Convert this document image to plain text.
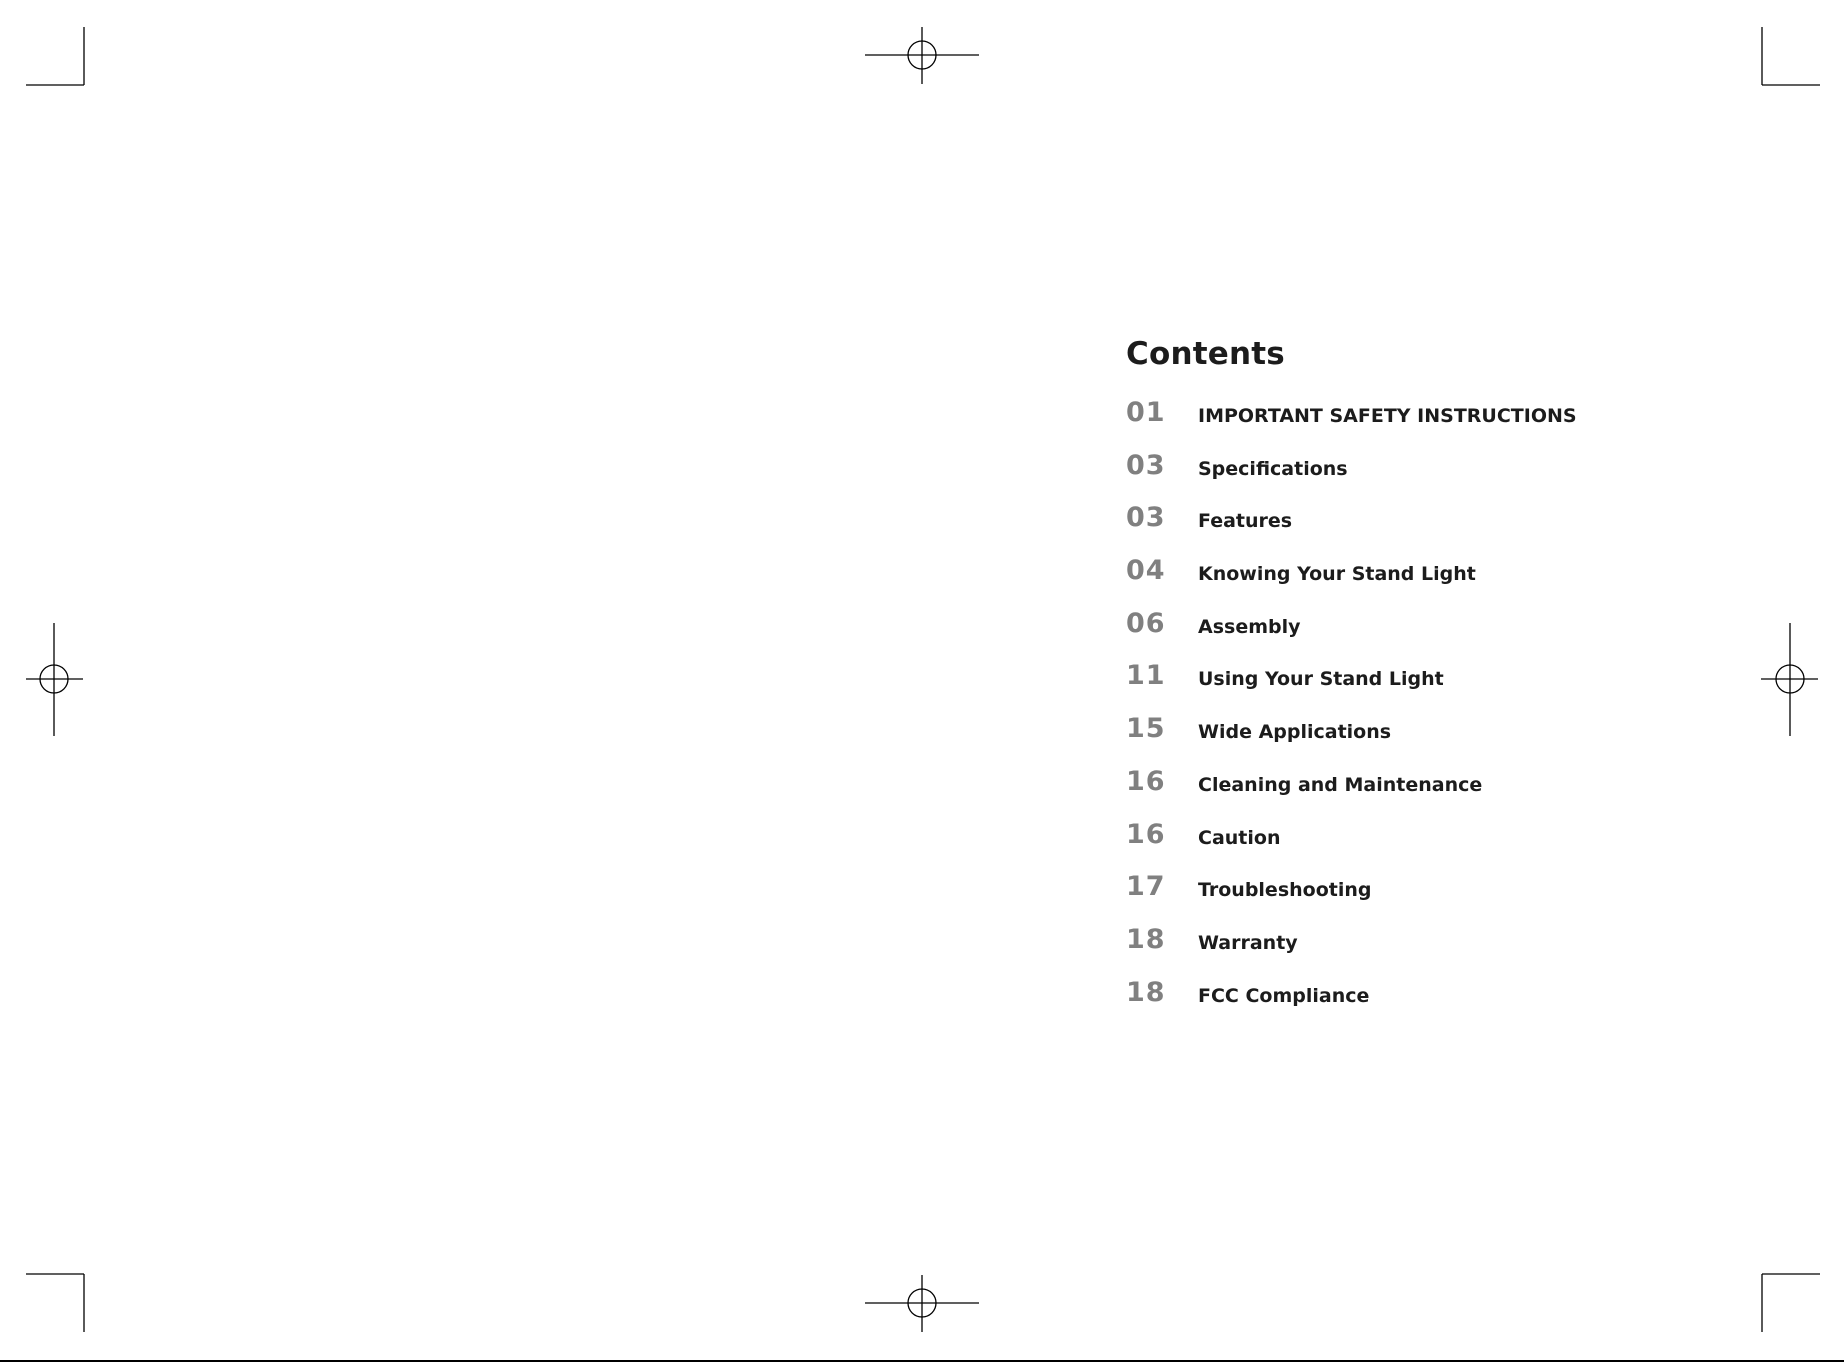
Contents
01	IMPORTANT SAFETY INSTRUCTIONS
03	Specifications
03	Features
04	Knowing Your Stand Light
06	Assembly
11	Using Your Stand Light
15	Wide Applications
16	Cleaning and Maintenance
16	Caution
17	Troubleshooting
18	Warranty
18	FCC Compliance
